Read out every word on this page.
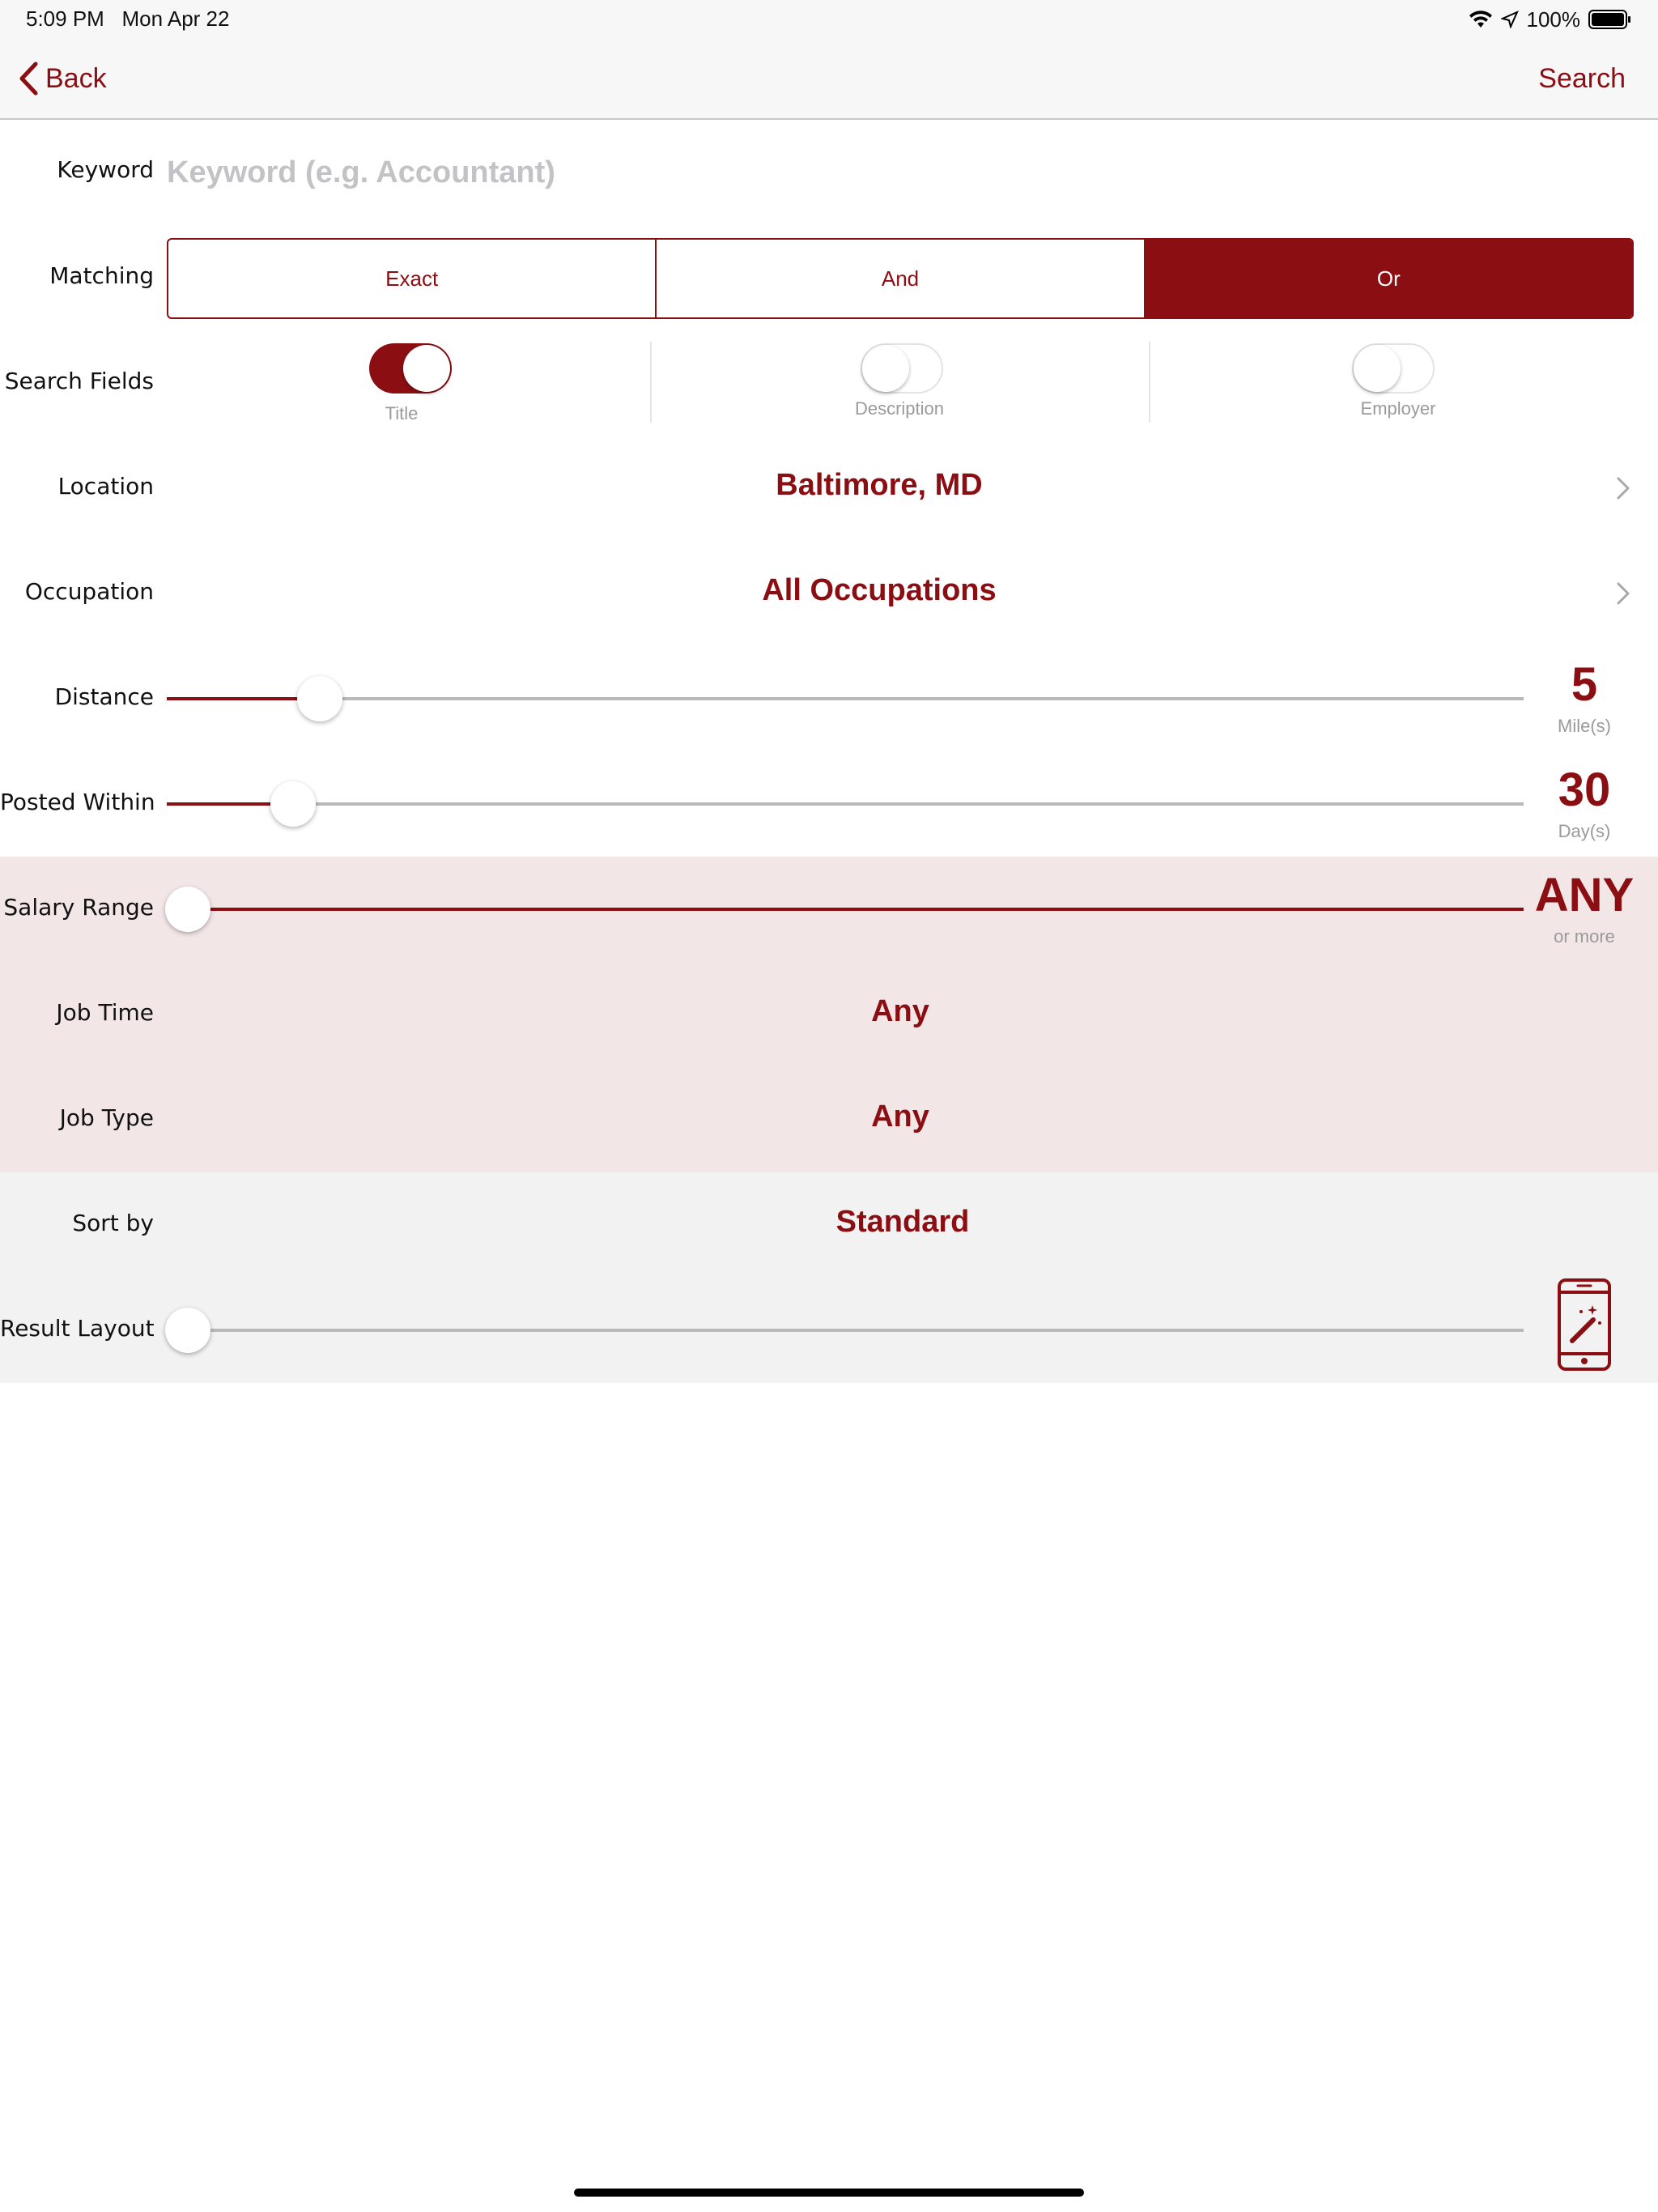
5:09 PM Mon Apr 22	100%
Back	Search
Keyword
Keyword (e.g. Accountant)
Matching	Exact	And	Or
Search Fields
Title	Description	Employer
Location	Baltimore, MD
Occupation	All Occupations
Distance	5
Mile(s)
Posted Within	30
Day(s)
Salary Range	ANY
or more
Job Time	Any
Job Type	Any
Sort by	Standard
Result Layout
